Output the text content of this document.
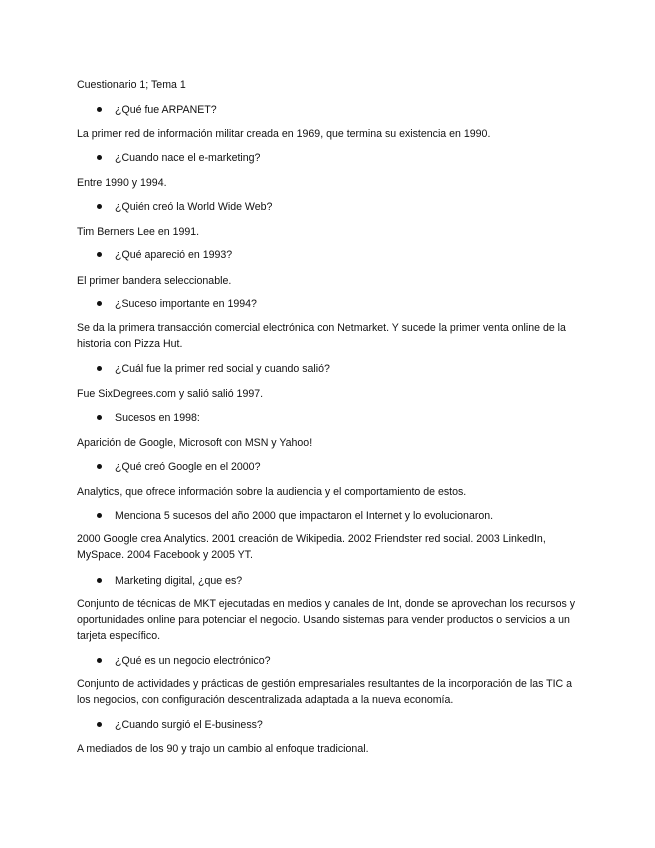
Cuestionario 1; Tema 1
¿Qué fue ARPANET?
La primer red de información militar creada en 1969, que termina su existencia en 1990.
¿Cuando nace el e-marketing?
Entre 1990 y 1994.
¿Quién creó la World Wide Web?
Tim Berners Lee en 1991.
¿Qué apareció en 1993?
El primer bandera seleccionable.
¿Suceso importante en 1994?
Se da la primera transacción comercial electrónica con Netmarket. Y sucede la primer venta online de la historia con Pizza Hut.
¿Cuál fue la primer red social y cuando salió?
Fue SixDegrees.com y salió salió 1997.
Sucesos en 1998:
Aparición de Google, Microsoft con MSN y Yahoo!
¿Qué creó Google en el 2000?
Analytics, que ofrece información sobre la audiencia y el comportamiento de estos.
Menciona 5 sucesos del año 2000 que impactaron el Internet y lo evolucionaron.
2000 Google crea Analytics. 2001 creación de Wikipedia. 2002 Friendster red social. 2003 LinkedIn, MySpace. 2004 Facebook y 2005 YT.
Marketing digital, ¿que es?
Conjunto de técnicas de MKT ejecutadas en medios y canales de Int, donde se aprovechan los recursos y oportunidades online para potenciar el negocio. Usando sistemas para vender productos o servicios a un tarjeta específico.
¿Qué es un negocio electrónico?
Conjunto de actividades y prácticas de gestión empresariales resultantes de la incorporación de las TIC a los negocios, con configuración descentralizada adaptada a la nueva economía.
¿Cuando surgió el E-business?
A mediados de los 90 y trajo un cambio al enfoque tradicional.
